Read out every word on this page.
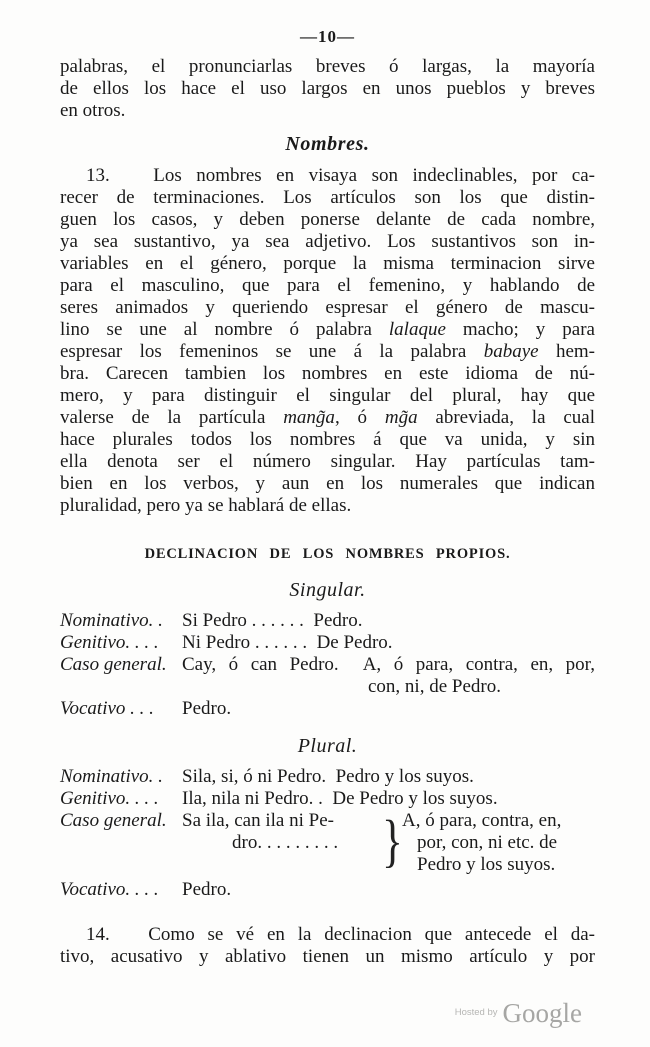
—10—

palabras, el pronunciarlas breves ó largas, la mayoría
de ellos los hace el uso largos en unos pueblos y breves
en otros.

Nombres.

13.   Los nombres en visaya son indeclinables, por ca-
recer de terminaciones. Los artículos son los que distin-
guen los casos, y deben ponerse delante de cada nombre,
ya sea sustantivo, ya sea adjetivo. Los sustantivos son in-
variables en el género, porque la misma terminacion sirve
para el masculino, que para el femenino, y hablando de
seres animados y queriendo espresar el género de mascu-
lino se une al nombre ó palabra lalaque macho; y para
espresar los femeninos se une á la palabra babaye hem-
bra. Carecen tambien los nombres en este idioma de nú-
mero, y para distinguir el singular del plural, hay que
valerse de la partícula mang̃a, ó mg̃a abreviada, la cual
hace plurales todos los nombres á que va unida, y sin
ella denota ser el número singular. Hay partículas tam-
bien en los verbos, y aun en los numerales que indican
pluralidad, pero ya se hablará de ellas.

DECLINACION DE LOS NOMBRES PROPIOS.
Singular.
Nominativo. .	Si Pedro . . . . . .  Pedro.
Genitivo. . . .	Ni Pedro . . . . . .  De Pedro.
Caso general. Cay, ó can Pedro.  A, ó para, contra, en, por,
con, ni, de Pedro.
Vocativo . . .	Pedro.
Plural.
Nominativo. .	Sila, si, ó ni Pedro.  Pedro y los suyos.
Genitivo. . . .	Ila, nila ni Pedro. .  De Pedro y los suyos.
Caso general. Sa ila, can ila ni Pe-
dro. . . . . . . . . } A, ó para, contra, en,
por, con, ni etc. de
Pedro y los suyos.
Vocativo. . . .	Pedro.

14.   Como se vé en la declinacion que antecede el da-
tivo, acusativo y ablativo tienen un mismo artículo y por

Hosted by Google
